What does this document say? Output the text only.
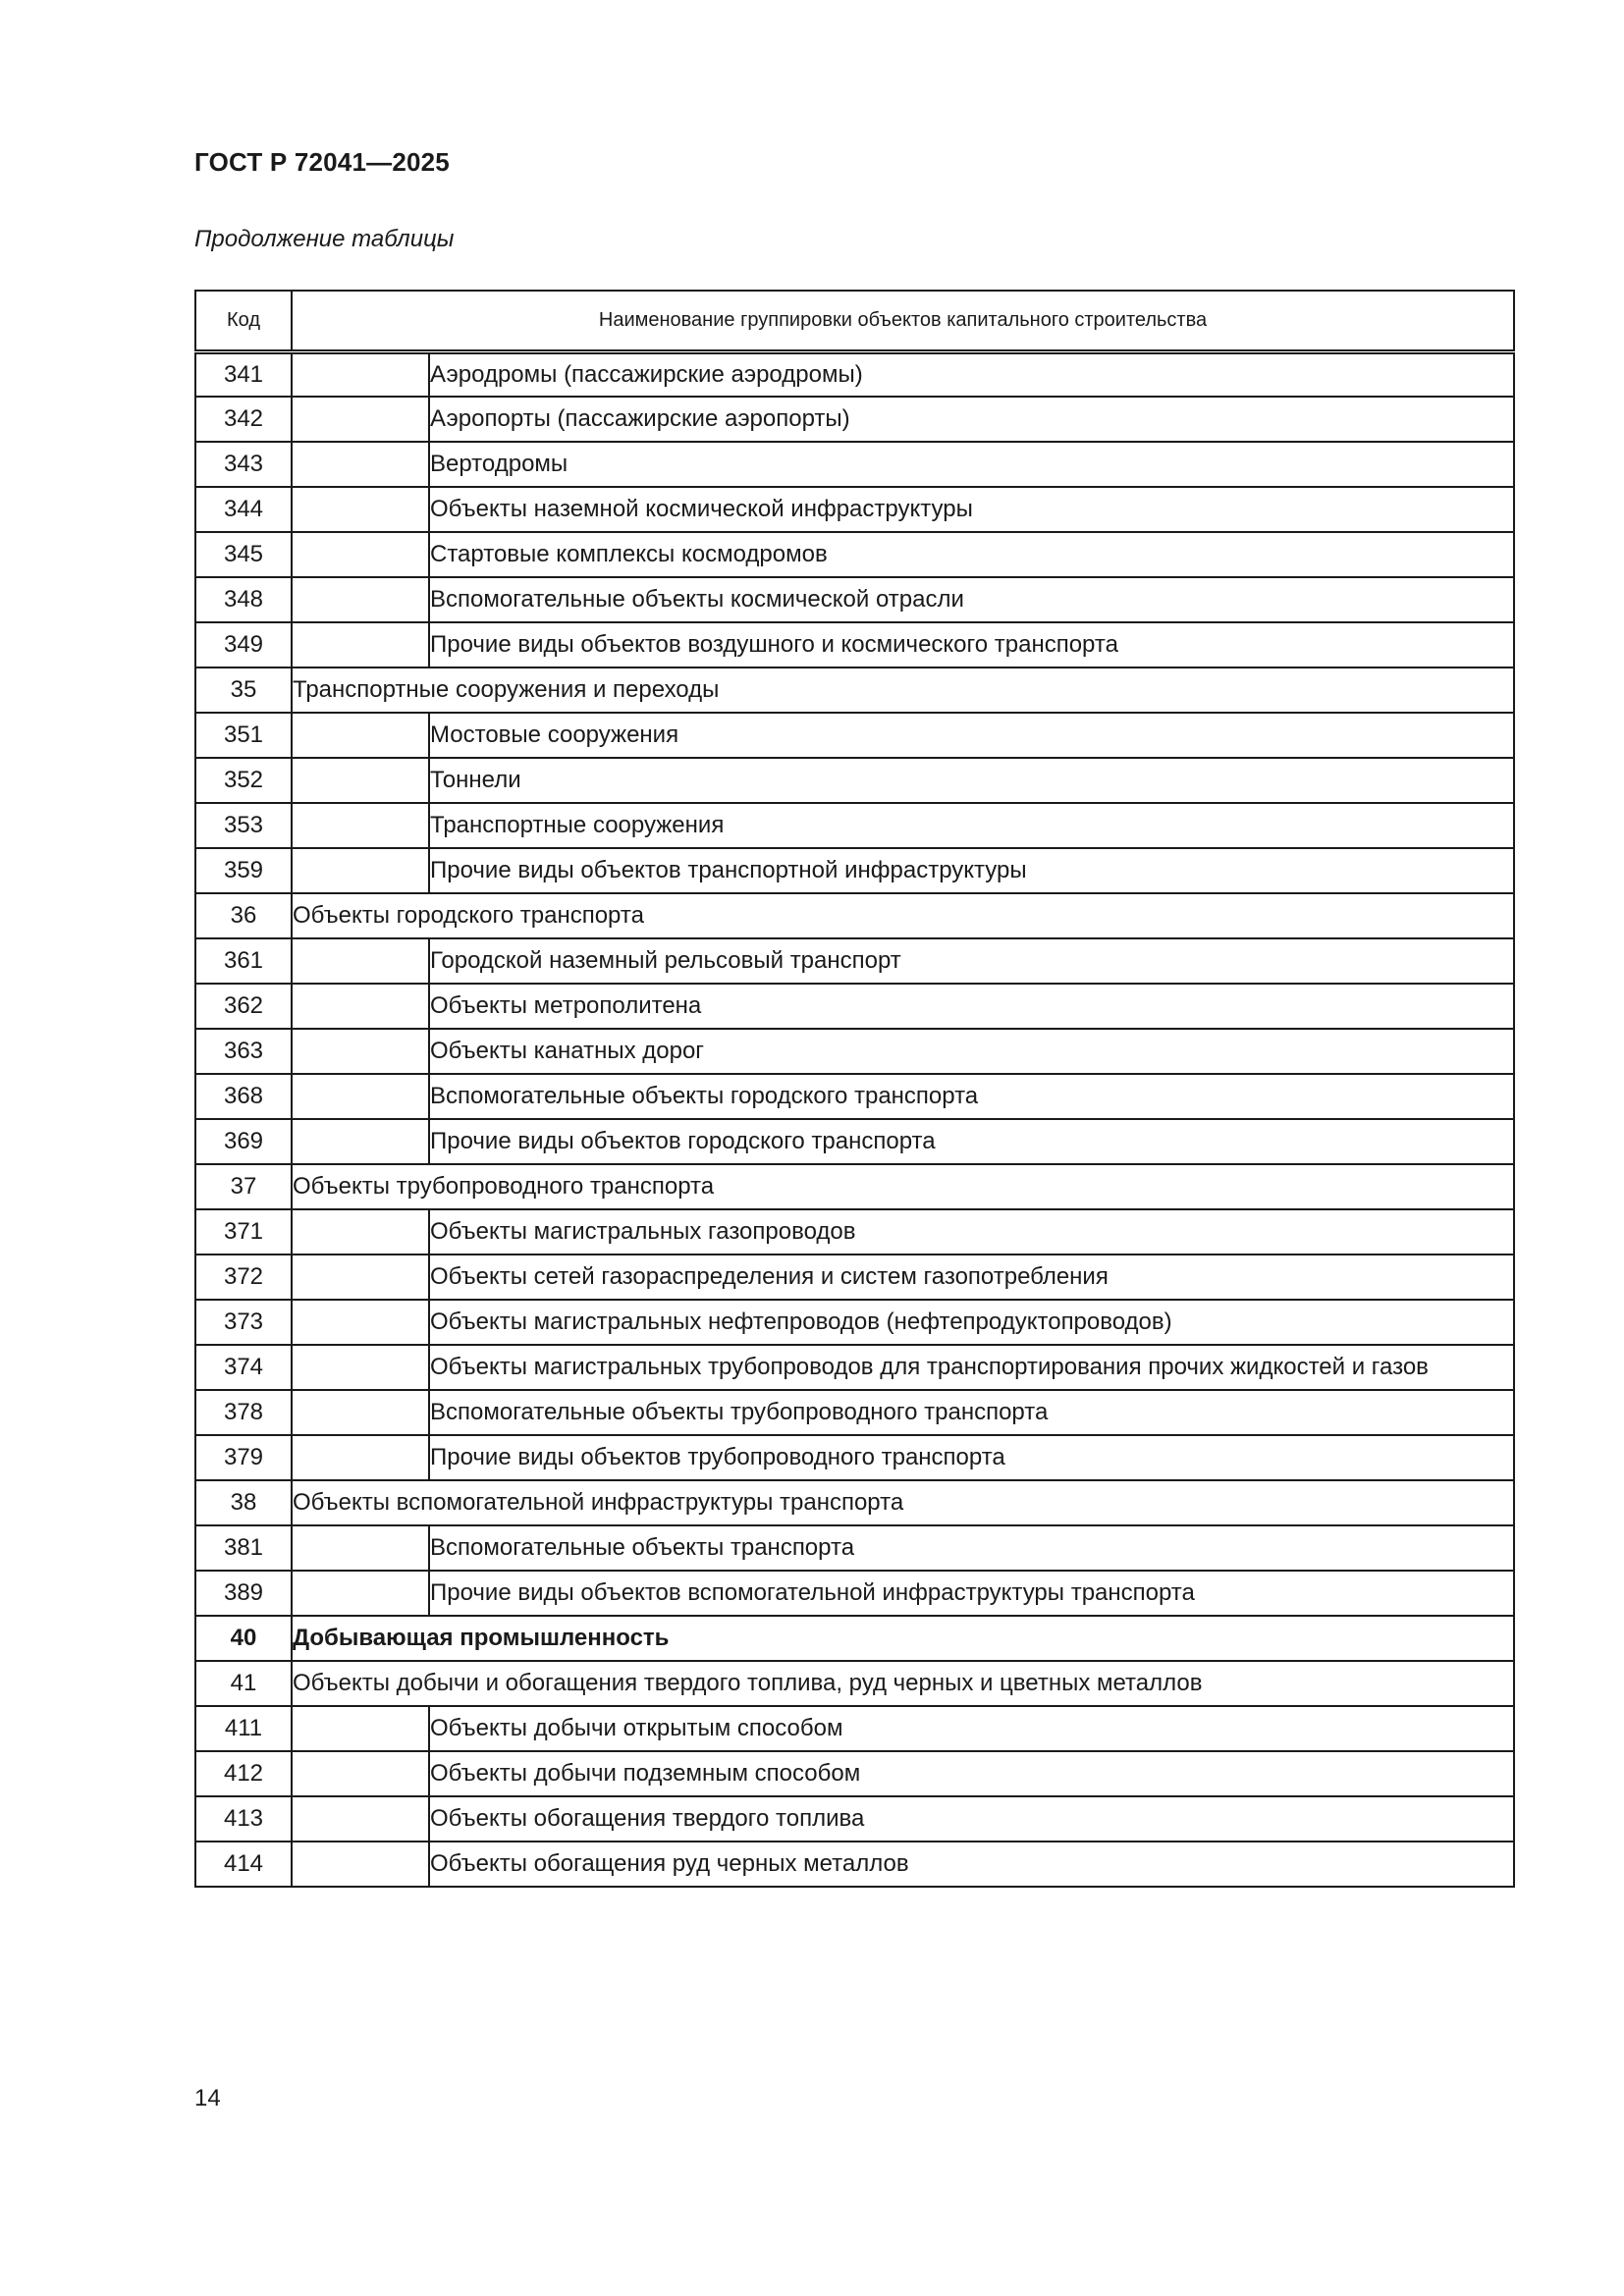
ГОСТ Р 72041—2025
Продолжение таблицы
Код	Наименование группировки объектов капитального строительства	
341		Аэродромы (пассажирские аэродромы)
342		Аэропорты (пассажирские аэропорты)
343		Вертодромы
344		Объекты наземной космической инфраструктуры
345		Стартовые комплексы космодромов
348		Вспомогательные объекты космической отрасли
349		Прочие виды объектов воздушного и космического транспорта
35	Транспортные сооружения и переходы	
351		Мостовые сооружения
352		Тоннели
353		Транспортные сооружения
359		Прочие виды объектов транспортной инфраструктуры
36	Объекты городского транспорта	
361		Городской наземный рельсовый транспорт
362		Объекты метрополитена
363		Объекты канатных дорог
368		Вспомогательные объекты городского транспорта
369		Прочие виды объектов городского транспорта
37	Объекты трубопроводного транспорта	
371		Объекты магистральных газопроводов
372		Объекты сетей газораспределения и систем газопотребления
373		Объекты магистральных нефтепроводов (нефтепродуктопроводов)
374		Объекты магистральных трубопроводов для транспортирования прочих жидкостей и газов
378		Вспомогательные объекты трубопроводного транспорта
379		Прочие виды объектов трубопроводного транспорта
38	Объекты вспомогательной инфраструктуры транспорта	
381		Вспомогательные объекты транспорта
389		Прочие виды объектов вспомогательной инфраструктуры транспорта
40	Добывающая промышленность	
41	Объекты добычи и обогащения твердого топлива, руд черных и цветных металлов	
411		Объекты добычи открытым способом
412		Объекты добычи подземным способом
413		Объекты обогащения твердого топлива
414		Объекты обогащения руд черных металлов
14
